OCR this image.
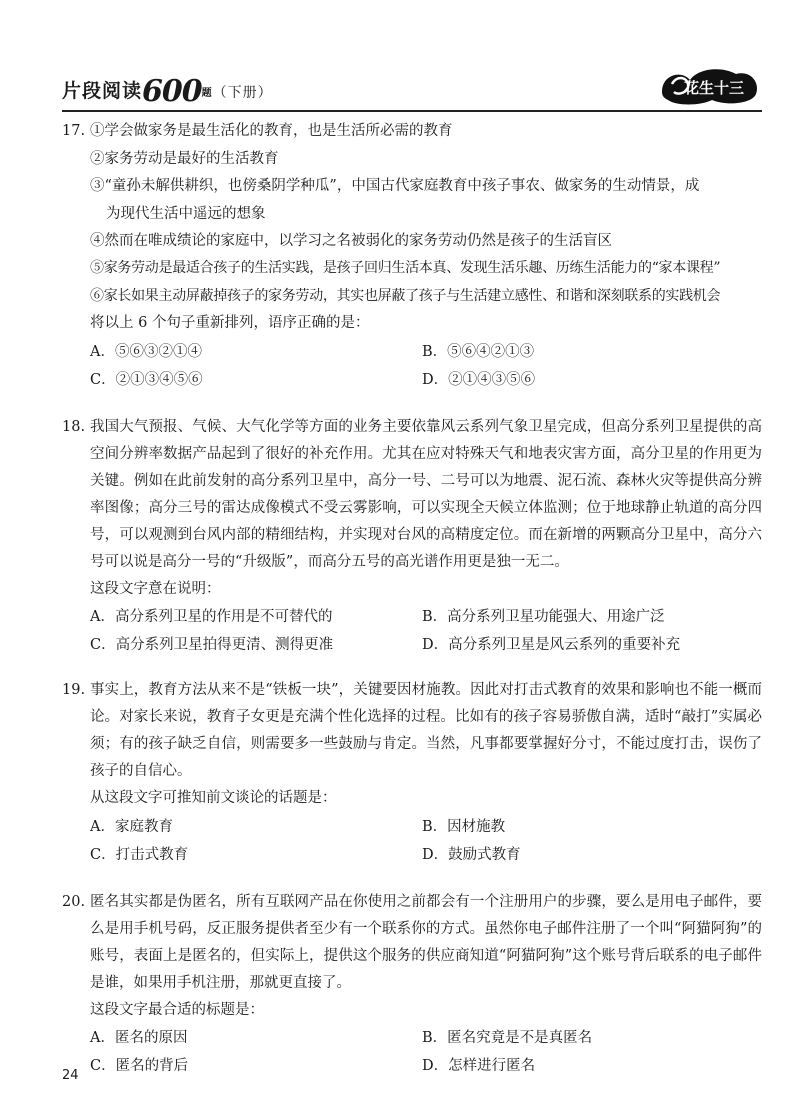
片段阅读600题（下册）	花生十三
17. ①学会做家务是最生活化的教育，也是生活所必需的教育
②家务劳动是最好的生活教育
③“童孙未解供耕织，也傍桑阴学种瓜”，中国古代家庭教育中孩子事农、做家务的生动情景，成
为现代生活中遥远的想象
④然而在唯成绩论的家庭中，以学习之名被弱化的家务劳动仍然是孩子的生活盲区
⑤家务劳动是最适合孩子的生活实践，是孩子回归生活本真、发现生活乐趣、历练生活能力的“家本课程”
⑥家长如果主动屏蔽掉孩子的家务劳动，其实也屏蔽了孩子与生活建立感性、和谐和深刻联系的实践机会
将以上 6 个句子重新排列，语序正确的是：
A．⑤⑥③②①④	B．⑤⑥④②①③
C．②①③④⑤⑥	D．②①④③⑤⑥
18. 我国大气预报、气候、大气化学等方面的业务主要依靠风云系列气象卫星完成，但高分系列卫星提供的高空间分辨率数据产品起到了很好的补充作用。尤其在应对特殊天气和地表灾害方面，高分卫星的作用更为关键。例如在此前发射的高分系列卫星中，高分一号、二号可以为地震、泥石流、森林火灾等提供高分辨率图像；高分三号的雷达成像模式不受云雾影响，可以实现全天候立体监测；位于地球静止轨道的高分四号，可以观测到台风内部的精细结构，并实现对台风的高精度定位。而在新增的两颗高分卫星中，高分六号可以说是高分一号的“升级版”，而高分五号的高光谱作用更是独一无二。
这段文字意在说明：
A．高分系列卫星的作用是不可替代的	B．高分系列卫星功能强大、用途广泛
C．高分系列卫星拍得更清、测得更准	D．高分系列卫星是风云系列的重要补充
19. 事实上，教育方法从来不是“铁板一块”，关键要因材施教。因此对打击式教育的效果和影响也不能一概而论。对家长来说，教育子女更是充满个性化选择的过程。比如有的孩子容易骄傲自满，适时“敲打”实属必须；有的孩子缺乏自信，则需要多一些鼓励与肯定。当然，凡事都要掌握好分寸，不能过度打击，误伤了孩子的自信心。
从这段文字可推知前文谈论的话题是：
A．家庭教育	B．因材施教
C．打击式教育	D．鼓励式教育
20. 匿名其实都是伪匿名，所有互联网产品在你使用之前都会有一个注册用户的步骤，要么是用电子邮件，要么是用手机号码，反正服务提供者至少有一个联系你的方式。虽然你电子邮件注册了一个叫“阿猫阿狗”的账号，表面上是匿名的，但实际上，提供这个服务的供应商知道“阿猫阿狗”这个账号背后联系的电子邮件是谁，如果用手机注册，那就更直接了。
这段文字最合适的标题是：
A．匿名的原因	B．匿名究竟是不是真匿名
C．匿名的背后	D．怎样进行匿名
24
